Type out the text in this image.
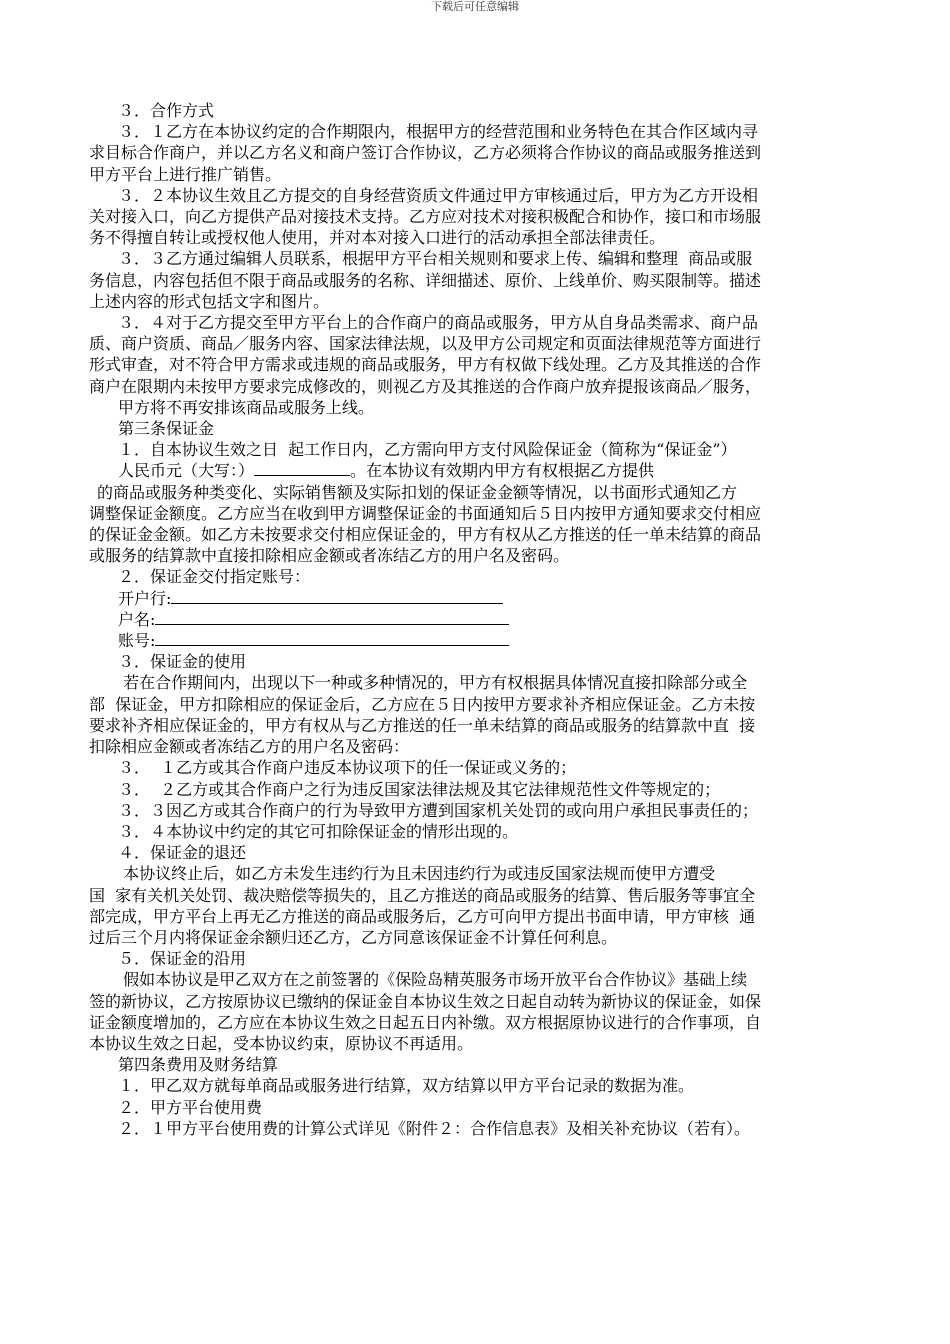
下载后可任意编辑
３．合作方式
３．１乙方在本协议约定的合作期限内，根据甲方的经营范围和业务特色在其合作区域内寻
求目标合作商户，并以乙方名义和商户签订合作协议，乙方必须将合作协议的商品或服务推送到
甲方平台上进行推广销售。
３．２本协议生效且乙方提交的自身经营资质文件通过甲方审核通过后，甲方为乙方开设相
关对接入口，向乙方提供产品对接技术支持。乙方应对技术对接积极配合和协作，接口和市场服
务不得擅自转让或授权他人使用，并对本对接入口进行的活动承担全部法律责任。
３．３乙方通过编辑人员联系，根据甲方平台相关规则和要求上传、编辑和整理  商品或服
务信息，内容包括但不限于商品或服务的名称、详细描述、原价、上线单价、购买限制等。描述
上述内容的形式包括文字和图片。
３．４对于乙方提交至甲方平台上的合作商户的商品或服务，甲方从自身品类需求、商户品
质、商户资质、商品／服务内容、国家法律法规，以及甲方公司规定和页面法律规范等方面进行
形式审查，对不符合甲方需求或违规的商品或服务，甲方有权做下线处理。乙方及其推送的合作
商户在限期内未按甲方要求完成修改的，则视乙方及其推送的合作商户放弃提报该商品／服务，
甲方将不再安排该商品或服务上线。
第三条保证金
１．自本协议生效之日  起工作日内，乙方需向甲方支付风险保证金（简称为“保证金”）
人民币元（大写：）	。在本协议有效期内甲方有权根据乙方提供
的商品或服务种类变化、实际销售额及实际扣划的保证金金额等情况，以书面形式通知乙方
调整保证金额度。乙方应当在收到甲方调整保证金的书面通知后５日内按甲方通知要求交付相应
的保证金金额。如乙方未按要求交付相应保证金的，甲方有权从乙方推送的任一单未结算的商品
或服务的结算款中直接扣除相应金额或者冻结乙方的用户名及密码。
２．保证金交付指定账号：
开户行:
户名:
账号:
３．保证金的使用
若在合作期间内，出现以下一种或多种情况的，甲方有权根据具体情况直接扣除部分或全
部  保证金，甲方扣除相应的保证金后，乙方应在５日内按甲方要求补齐相应保证金。乙方未按
要求补齐相应保证金的，甲方有权从与乙方推送的任一单未结算的商品或服务的结算款中直  接
扣除相应金额或者冻结乙方的用户名及密码：
３．  １乙方或其合作商户违反本协议项下的任一保证或义务的；
３．  ２乙方或其合作商户之行为违反国家法律法规及其它法律规范性文件等规定的；
３．３因乙方或其合作商户的行为导致甲方遭到国家机关处罚的或向用户承担民事责任的；
３．４本协议中约定的其它可扣除保证金的情形出现的。
４．保证金的退还
本协议终止后，如乙方未发生违约行为且未因违约行为或违反国家法规而使甲方遭受
国  家有关机关处罚、裁决赔偿等损失的，且乙方推送的商品或服务的结算、售后服务等事宜全
部完成，甲方平台上再无乙方推送的商品或服务后，乙方可向甲方提出书面申请，甲方审核  通
过后三个月内将保证金余额归还乙方，乙方同意该保证金不计算任何利息。
５．保证金的沿用
假如本协议是甲乙双方在之前签署的《保险岛精英服务市场开放平台合作协议》基础上续
签的新协议，乙方按原协议已缴纳的保证金自本协议生效之日起自动转为新协议的保证金，如保
证金额度增加的，乙方应在本协议生效之日起五日内补缴。双方根据原协议进行的合作事项，自
本协议生效之日起，受本协议约束，原协议不再适用。
第四条费用及财务结算
１．甲乙双方就每单商品或服务进行结算，双方结算以甲方平台记录的数据为准。
２．甲方平台使用费
２．１甲方平台使用费的计算公式详见《附件２：合作信息表》及相关补充协议（若有）。
